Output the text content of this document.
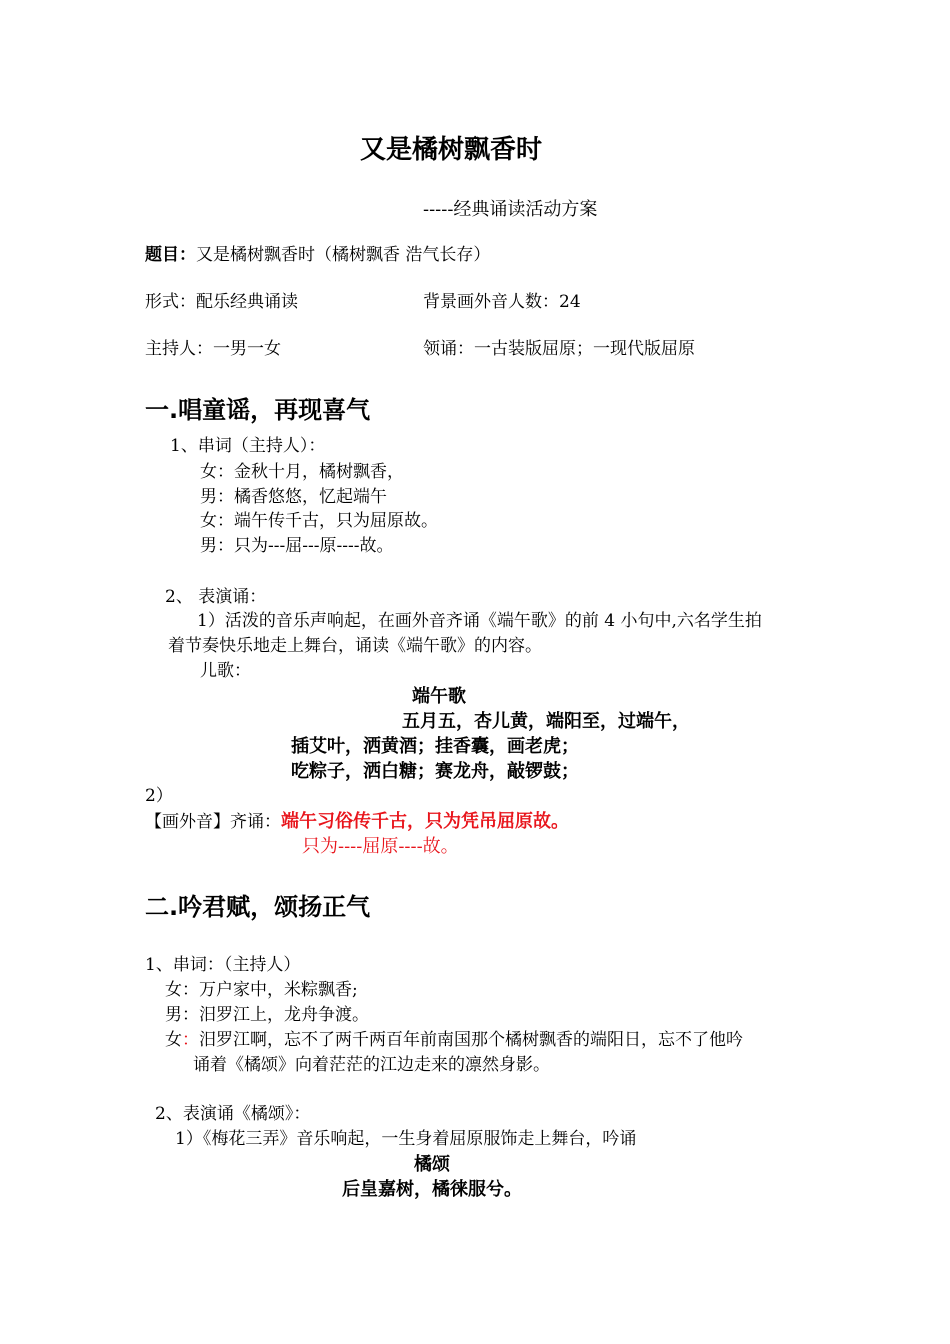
又是橘树飘香时
-----经典诵读活动方案
题目：又是橘树飘香时（橘树飘香 浩气长存）
形式：配乐经典诵读	背景画外音人数：24
主持人：一男一女	领诵：一古装版屈原；一现代版屈原
一.唱童谣，再现喜气
1、串词（主持人）：
女：金秋十月，橘树飘香，
男：橘香悠悠，忆起端午
女：端午传千古，只为屈原故。
男：只为---屈---原----故。
2、 表演诵：
1）活泼的音乐声响起，在画外音齐诵《端午歌》的前 4 小句中,六名学生拍
着节奏快乐地走上舞台，诵读《端午歌》的内容。
儿歌：
端午歌
五月五，杏儿黄，端阳至，过端午，
插艾叶，洒黄酒；挂香囊，画老虎；
吃粽子，洒白糖；赛龙舟，敲锣鼓；
2）
【画外音】齐诵：端午习俗传千古，只为凭吊屈原故。
只为----屈原----故。
二.吟君赋，颂扬正气
1、串词：（主持人）
女：万户家中，米粽飘香;
男：汨罗江上，龙舟争渡。
女：汨罗江啊，忘不了两千两百年前南国那个橘树飘香的端阳日，忘不了他吟
诵着《橘颂》向着茫茫的江边走来的凛然身影。
2、表演诵《橘颂》：
1）《梅花三弄》音乐响起，一生身着屈原服饰走上舞台，吟诵
橘颂
后皇嘉树，橘徕服兮。
